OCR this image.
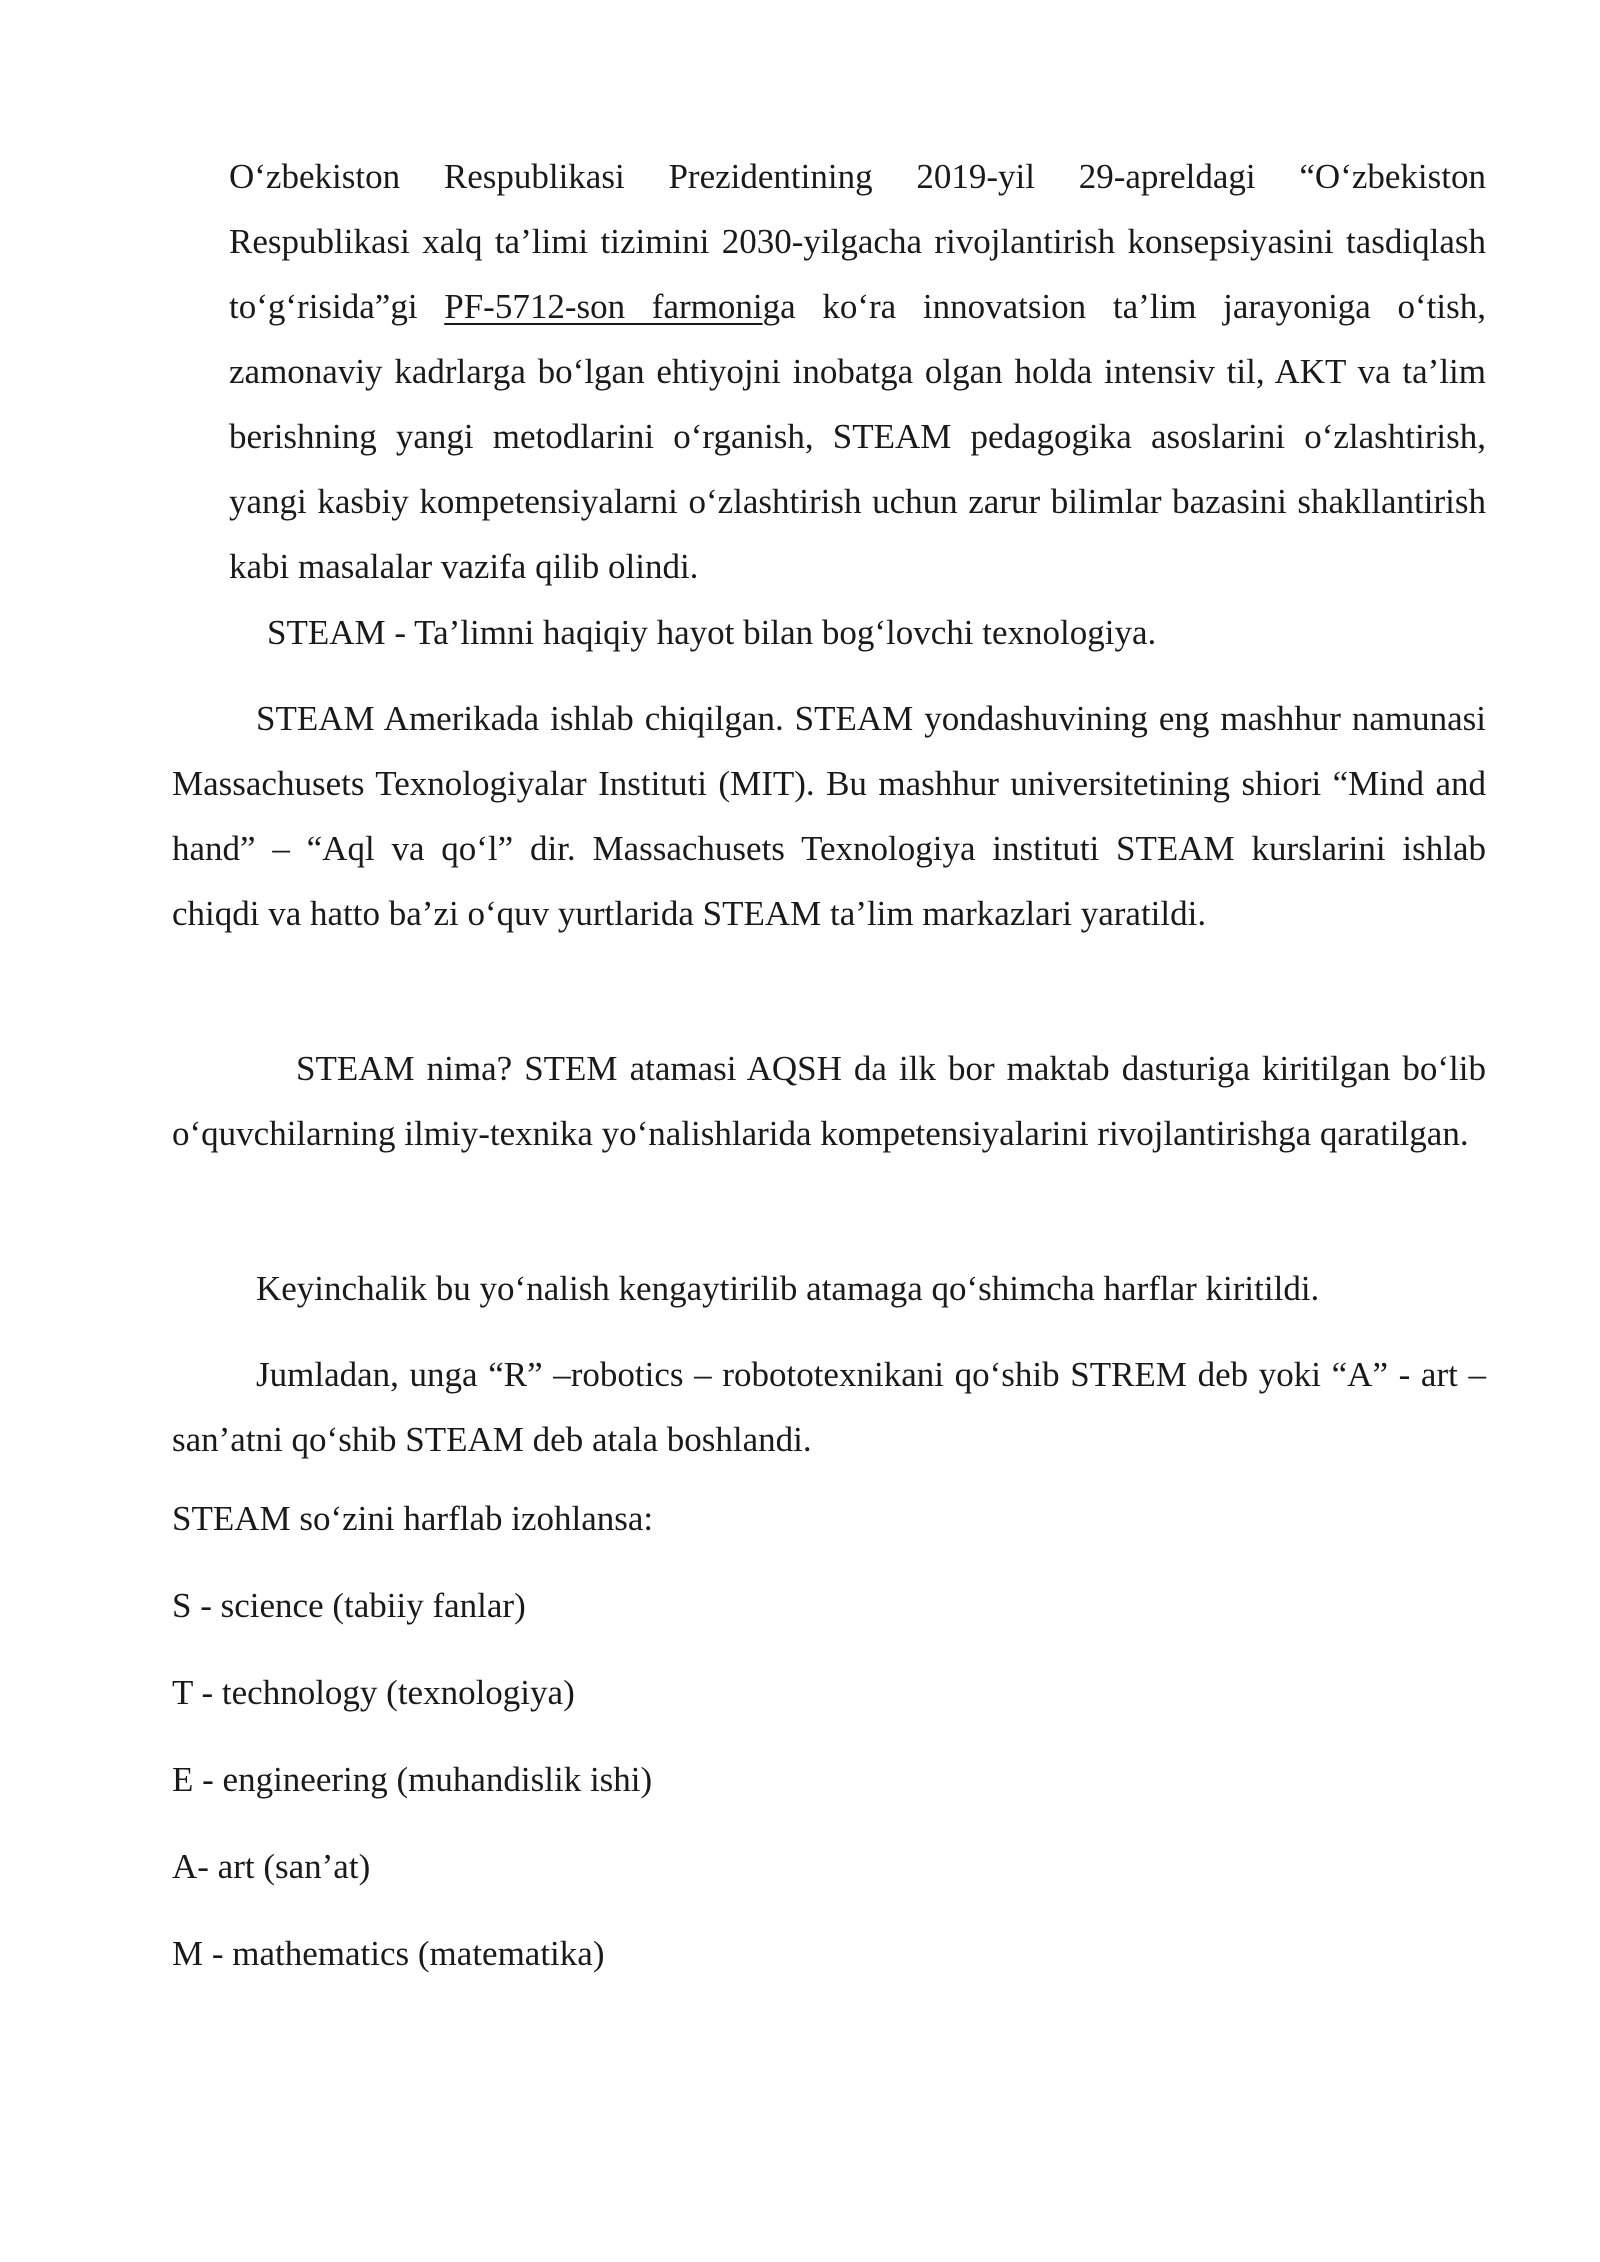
O‘zbekiston Respublikasi Prezidentining 2019-yil 29-apreldagi “O‘zbekiston Respublikasi xalq ta’limi tizimini 2030-yilgacha rivojlantirish konsepsiyasini tasdiqlash to‘g‘risida”gi PF-5712-son farmoniga ko‘ra innovatsion ta’lim jarayoniga o‘tish, zamonaviy kadrlarga bo‘lgan ehtiyojni inobatga olgan holda intensiv til, AKT va ta’lim berishning yangi metodlarini o‘rganish, STEAM pedagogika asoslarini o‘zlashtirish, yangi kasbiy kompetensiyalarni o‘zlashtirish uchun zarur bilimlar bazasini shakllantirish kabi masalalar vazifa qilib olindi.

STEAM - Ta’limni haqiqiy hayot bilan bog‘lovchi texnologiya.

STEAM Amerikada ishlab chiqilgan. STEAM yondashuvining eng mashhur namunasi Massachusets Texnologiyalar Instituti (MIT). Bu mashhur universitetining shiori “Mind and hand” – “Aql va qo‘l” dir. Massachusets Texnologiya instituti STEAM kurslarini ishlab chiqdi va hatto ba’zi o‘quv yurtlarida STEAM ta’lim markazlari yaratildi.

STEAM nima? STEM atamasi AQSH da ilk bor maktab dasturiga kiritilgan bo‘lib o‘quvchilarning ilmiy-texnika yo‘nalishlarida kompetensiyalarini rivojlantirishga qaratilgan.

Keyinchalik bu yo‘nalish kengaytirilib atamaga qo‘shimcha harflar kiritildi.

Jumladan, unga “R” –robotics – robototexnikani qo‘shib STREM deb yoki “A” - art –san’atni qo‘shib STEAM deb atala boshlandi.

STEAM so‘zini harflab izohlansa:

S - science (tabiiy fanlar)

T - technology (texnologiya)

E - engineering (muhandislik ishi)

A- art (san’at)

M - mathematics (matematika)
